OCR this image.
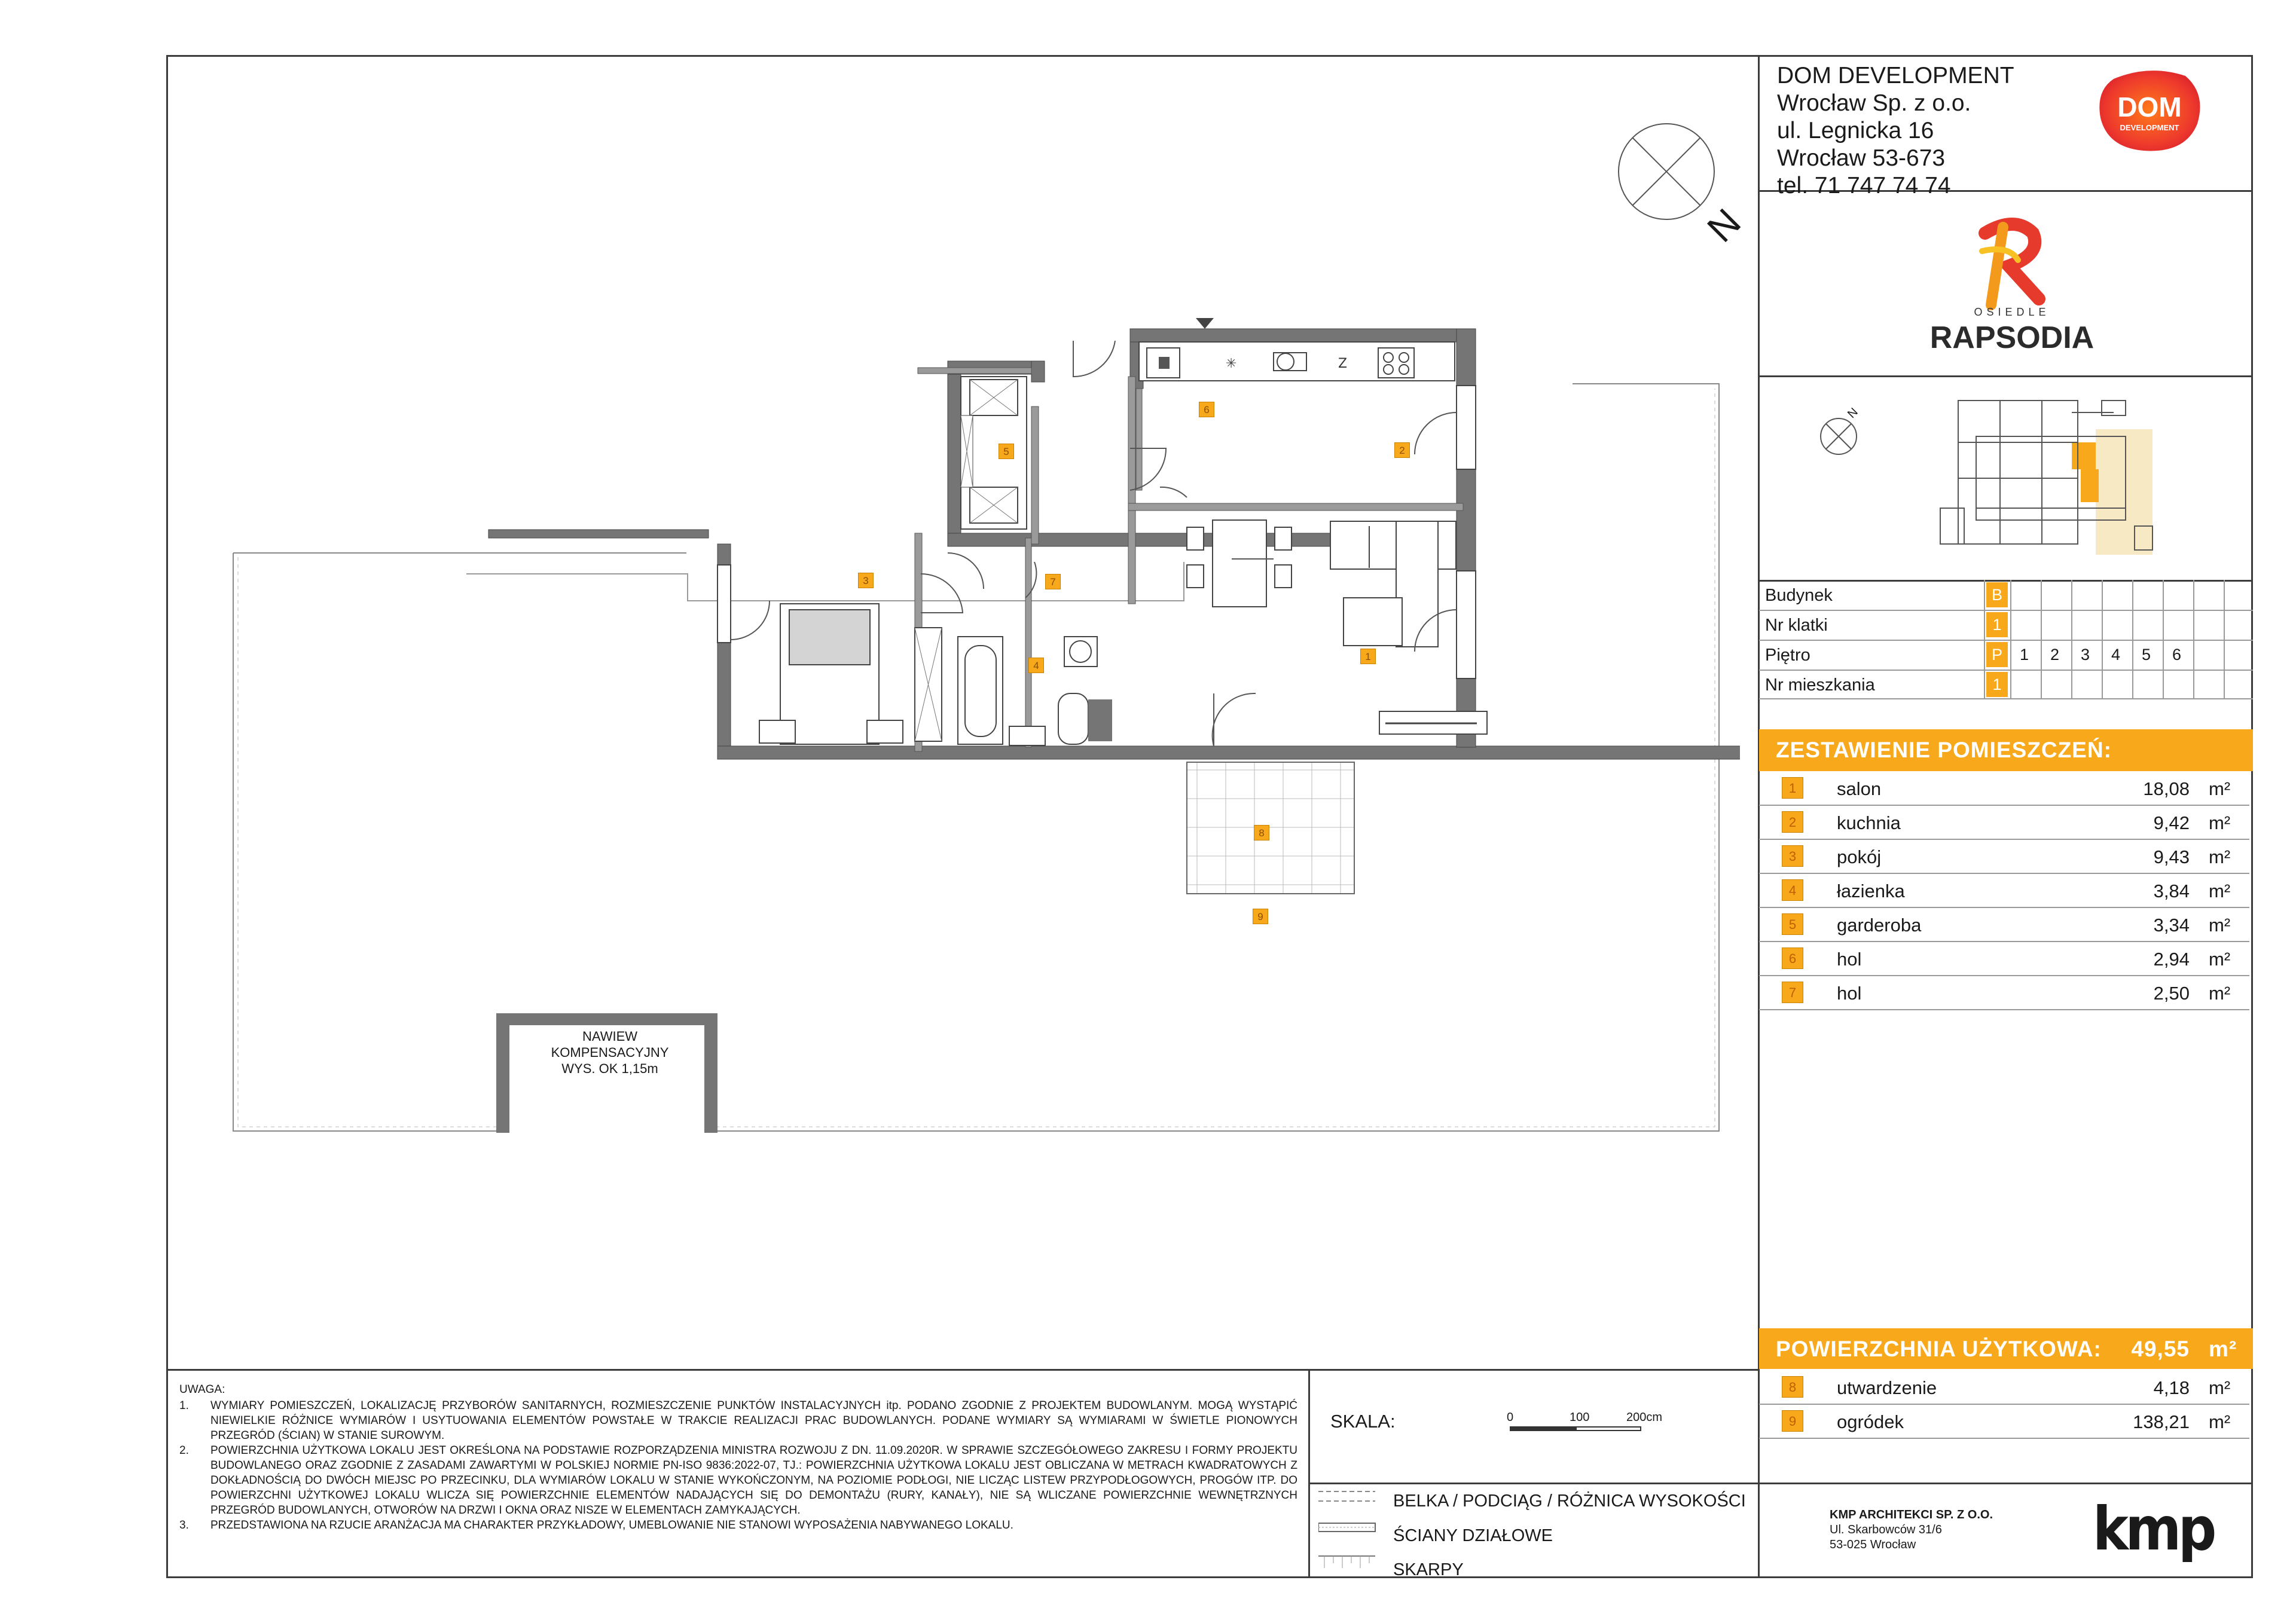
DOM DEVELOPMENT
Wrocław Sp. z o.o.
ul. Legnicka 16
Wrocław 53-673
tel. 71 747 74 74
DOM
DEVELOPMENT
OSIEDLE
RAPSODIA
N
Budynek	B
Nr klatki	1
Piętro	P	1 2 3 4 5 6
Nr mieszkania	1
ZESTAWIENIE POMIESZCZEŃ:
1	salon	18,08 m²
2	kuchnia	9,42 m²
3	pokój	9,43 m²
4	łazienka	3,84 m²
5	garderoba	3,34 m²
6	hol	2,94 m²
7	hol	2,50 m²
POWIERZCHNIA UŻYTKOWA:	49,55 m²
8	utwardzenie	4,18 m²
9	ogródek	138,21 m²

UWAGA:

1.	WYMIARY POMIESZCZEŃ, LOKALIZACJĘ PRZYBORÓW SANITARNYCH, ROZMIESZCZENIE PUNKTÓW INSTALACYJNYCH itp. PODANO ZGODNIE Z PROJEKTEM BUDOWLANYM. MOGĄ WYSTĄPIĆ NIEWIELKIE RÓŻNICE WYMIARÓW I USYTUOWANIA ELEMENTÓW POWSTAŁE W TRAKCIE REALIZACJI PRAC BUDOWLANYCH. PODANE WYMIARY SĄ WYMIARAMI W ŚWIETLE PIONOWYCH PRZEGRÓD (ŚCIAN) W STANIE SUROWYM.
2.	POWIERZCHNIA UŻYTKOWA LOKALU JEST OKREŚLONA NA PODSTAWIE ROZPORZĄDZENIA MINISTRA ROZWOJU Z DN. 11.09.2020R. W SPRAWIE SZCZEGÓŁOWEGO ZAKRESU I FORMY PROJEKTU BUDOWLANEGO ORAZ ZGODNIE Z ZASADAMI ZAWARTYMI W POLSKIEJ NORMIE PN-ISO 9836:2022-07, TJ.: POWIERZCHNIA UŻYTKOWA LOKALU JEST OBLICZANA W METRACH KWADRATOWYCH Z DOKŁADNOŚCIĄ DO DWÓCH MIEJSC PO PRZECINKU, DLA WYMIARÓW LOKALU W STANIE WYKOŃCZONYM, NA POZIOMIE PODŁOGI, NIE LICZĄC LISTEW PRZYPODŁOGOWYCH, PROGÓW ITP. DO POWIERZCHNI UŻYTKOWEJ LOKALU WLICZA SIĘ POWIERZCHNIE ELEMENTÓW NADAJĄCYCH SIĘ DO DEMONTAŻU (RURY, KANAŁY), NIE SĄ WLICZANE POWIERZCHNIE WEWNĘTRZNYCH PRZEGRÓD BUDOWLANYCH, OTWORÓW NA DRZWI I OKNA ORAZ NISZE W ELEMENTACH ZAMYKAJĄCYCH.
3.	PRZEDSTAWIONA NA RZUCIE ARANŻACJA MA CHARAKTER PRZYKŁADOWY, UMEBLOWANIE NIE STANOWI WYPOSAŻENIA NABYWANEGO LOKALU.
SKALA:	0	100	200cm
BELKA / PODCIĄG / RÓŻNICA WYSOKOŚCI
ŚCIANY DZIAŁOWE
SKARPY
KMP ARCHITEKCI SP. Z O.O.
Ul. Skarbowców 31/6
53-025 Wrocław	kmp
N
✳	Z
NAWIEW
KOMPENSACYJNY
WYS. OK 1,15m
1
2
3
4
5
6
7
8
9
